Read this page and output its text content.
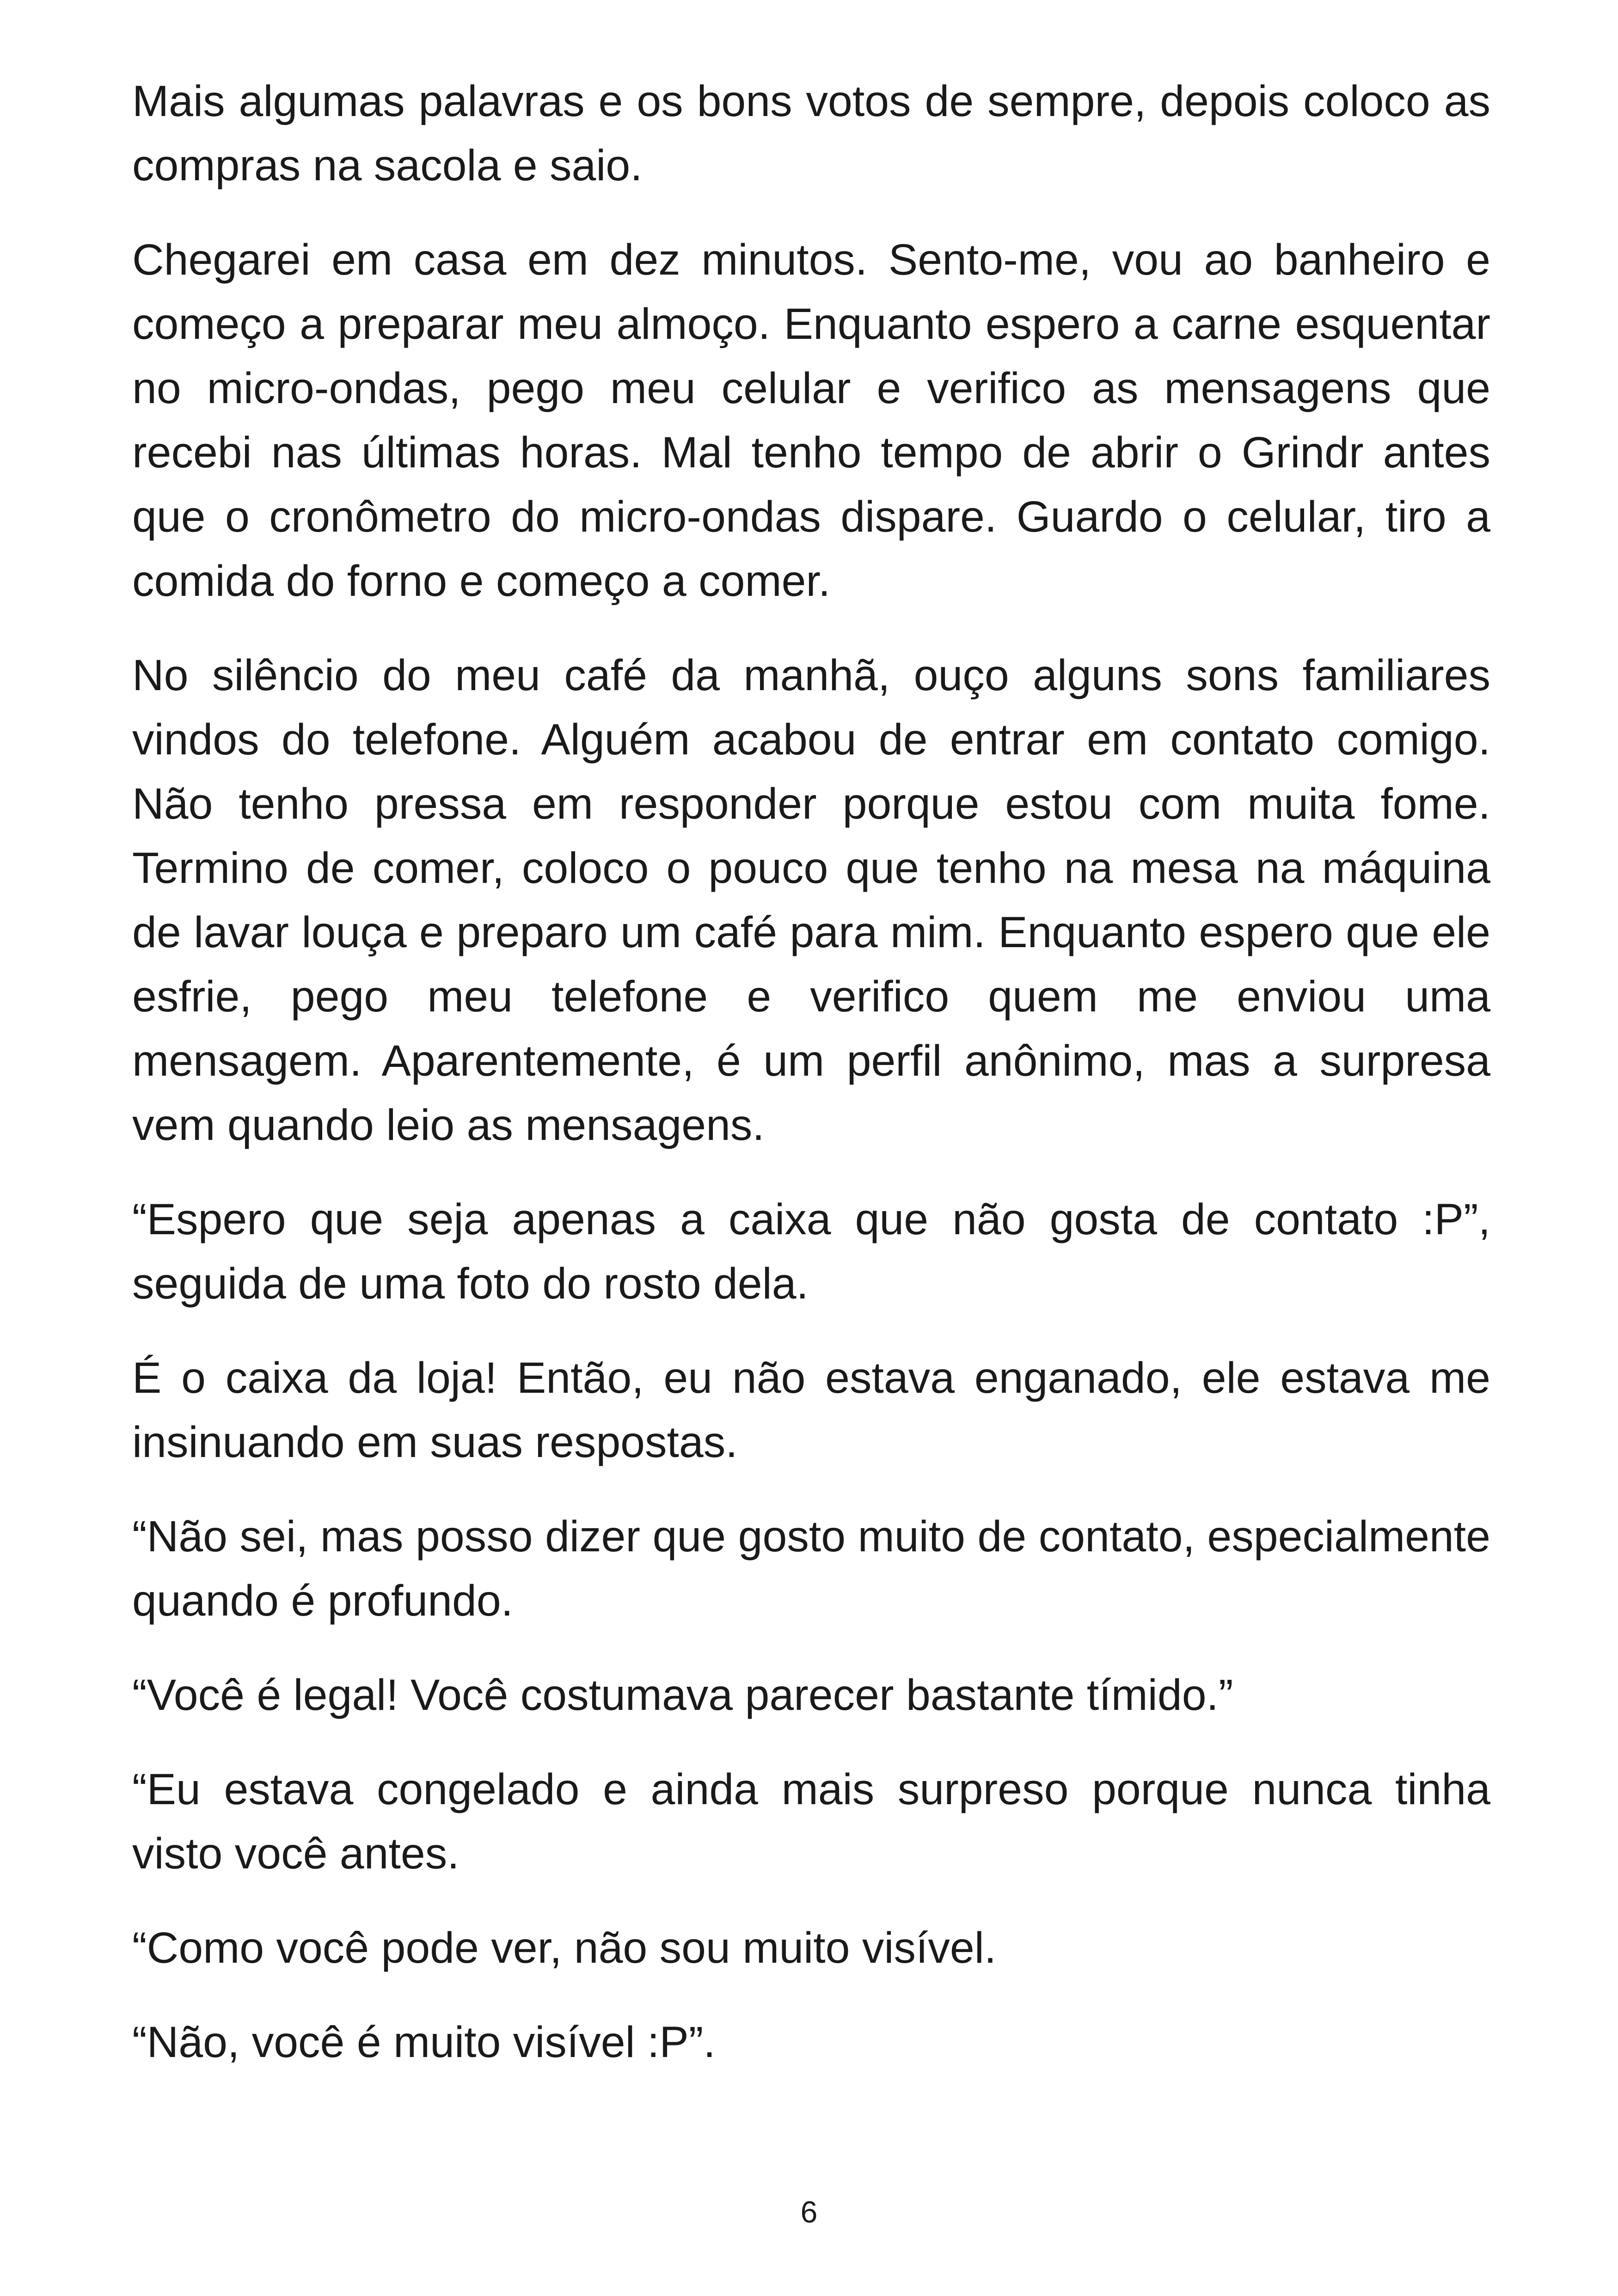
Mais algumas palavras e os bons votos de sempre, depois coloco as compras na sacola e saio.

Chegarei em casa em dez minutos. Sento-me, vou ao banheiro e começo a preparar meu almoço. Enquanto espero a carne esquentar no micro-ondas, pego meu celular e verifico as mensagens que recebi nas últimas horas. Mal tenho tempo de abrir o Grindr antes que o cronômetro do micro-ondas dispare. Guardo o celular, tiro a comida do forno e começo a comer.

No silêncio do meu café da manhã, ouço alguns sons familiares vindos do telefone. Alguém acabou de entrar em contato comigo. Não tenho pressa em responder porque estou com muita fome. Termino de comer, coloco o pouco que tenho na mesa na máquina de lavar louça e preparo um café para mim. Enquanto espero que ele esfrie, pego meu telefone e verifico quem me enviou uma mensagem. Aparentemente, é um perfil anônimo, mas a surpresa vem quando leio as mensagens.

“Espero que seja apenas a caixa que não gosta de contato :P”, seguida de uma foto do rosto dela.

É o caixa da loja! Então, eu não estava enganado, ele estava me insinuando em suas respostas.

“Não sei, mas posso dizer que gosto muito de contato, especialmente quando é profundo.

“Você é legal! Você costumava parecer bastante tímido.”

“Eu estava congelado e ainda mais surpreso porque nunca tinha visto você antes.

“Como você pode ver, não sou muito visível.

“Não, você é muito visível :P”.

6
